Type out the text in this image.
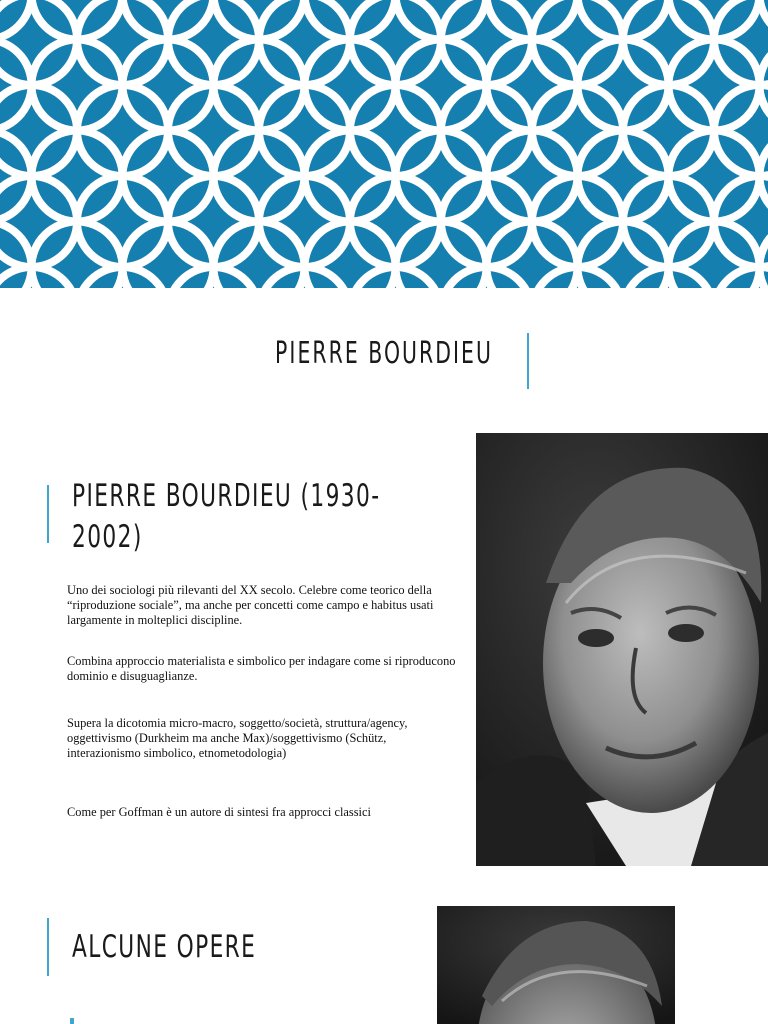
PIERRE BOURDIEU
PIERRE BOURDIEU (1930-
2002)
Uno dei sociologi più rilevanti del XX secolo. Celebre come teorico della “riproduzione sociale”, ma anche per concetti come campo e habitus usati largamente in molteplici discipline.
Combina approccio materialista e simbolico per indagare come si riproducono dominio e disuguaglianze.
Supera la dicotomia micro-macro, soggetto/società, struttura/agency, oggettivismo (Durkheim ma anche Max)/soggettivismo (Schütz, interazionismo simbolico, etnometodologia)
Come per Goffman è un autore di sintesi fra approcci classici
ALCUNE OPERE
